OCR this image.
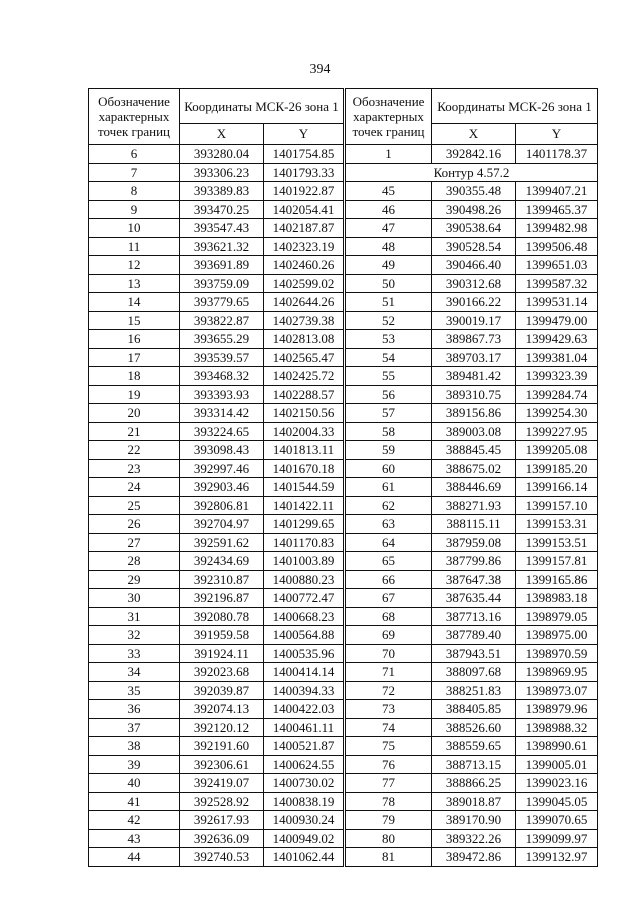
394
Обозначение характерных точек границ	Координаты МСК-26 зона 1	
	X	Y
6	393280.04	1401754.85
7	393306.23	1401793.33
8	393389.83	1401922.87
9	393470.25	1402054.41
10	393547.43	1402187.87
11	393621.32	1402323.19
12	393691.89	1402460.26
13	393759.09	1402599.02
14	393779.65	1402644.26
15	393822.87	1402739.38
16	393655.29	1402813.08
17	393539.57	1402565.47
18	393468.32	1402425.72
19	393393.93	1402288.57
20	393314.42	1402150.56
21	393224.65	1402004.33
22	393098.43	1401813.11
23	392997.46	1401670.18
24	392903.46	1401544.59
25	392806.81	1401422.11
26	392704.97	1401299.65
27	392591.62	1401170.83
28	392434.69	1401003.89
29	392310.87	1400880.23
30	392196.87	1400772.47
31	392080.78	1400668.23
32	391959.58	1400564.88
33	391924.11	1400535.96
34	392023.68	1400414.14
35	392039.87	1400394.33
36	392074.13	1400422.03
37	392120.12	1400461.11
38	392191.60	1400521.87
39	392306.61	1400624.55
40	392419.07	1400730.02
41	392528.92	1400838.19
42	392617.93	1400930.24
43	392636.09	1400949.02
44	392740.53	1401062.44
Обозначение характерных точек границ	Координаты МСК-26 зона 1	
	X	Y
1	392842.16	1401178.37
Контур 4.57.2		
45	390355.48	1399407.21
46	390498.26	1399465.37
47	390538.64	1399482.98
48	390528.54	1399506.48
49	390466.40	1399651.03
50	390312.68	1399587.32
51	390166.22	1399531.14
52	390019.17	1399479.00
53	389867.73	1399429.63
54	389703.17	1399381.04
55	389481.42	1399323.39
56	389310.75	1399284.74
57	389156.86	1399254.30
58	389003.08	1399227.95
59	388845.45	1399205.08
60	388675.02	1399185.20
61	388446.69	1399166.14
62	388271.93	1399157.10
63	388115.11	1399153.31
64	387959.08	1399153.51
65	387799.86	1399157.81
66	387647.38	1399165.86
67	387635.44	1398983.18
68	387713.16	1398979.05
69	387789.40	1398975.00
70	387943.51	1398970.59
71	388097.68	1398969.95
72	388251.83	1398973.07
73	388405.85	1398979.96
74	388526.60	1398988.32
75	388559.65	1398990.61
76	388713.15	1399005.01
77	388866.25	1399023.16
78	389018.87	1399045.05
79	389170.90	1399070.65
80	389322.26	1399099.97
81	389472.86	1399132.97
